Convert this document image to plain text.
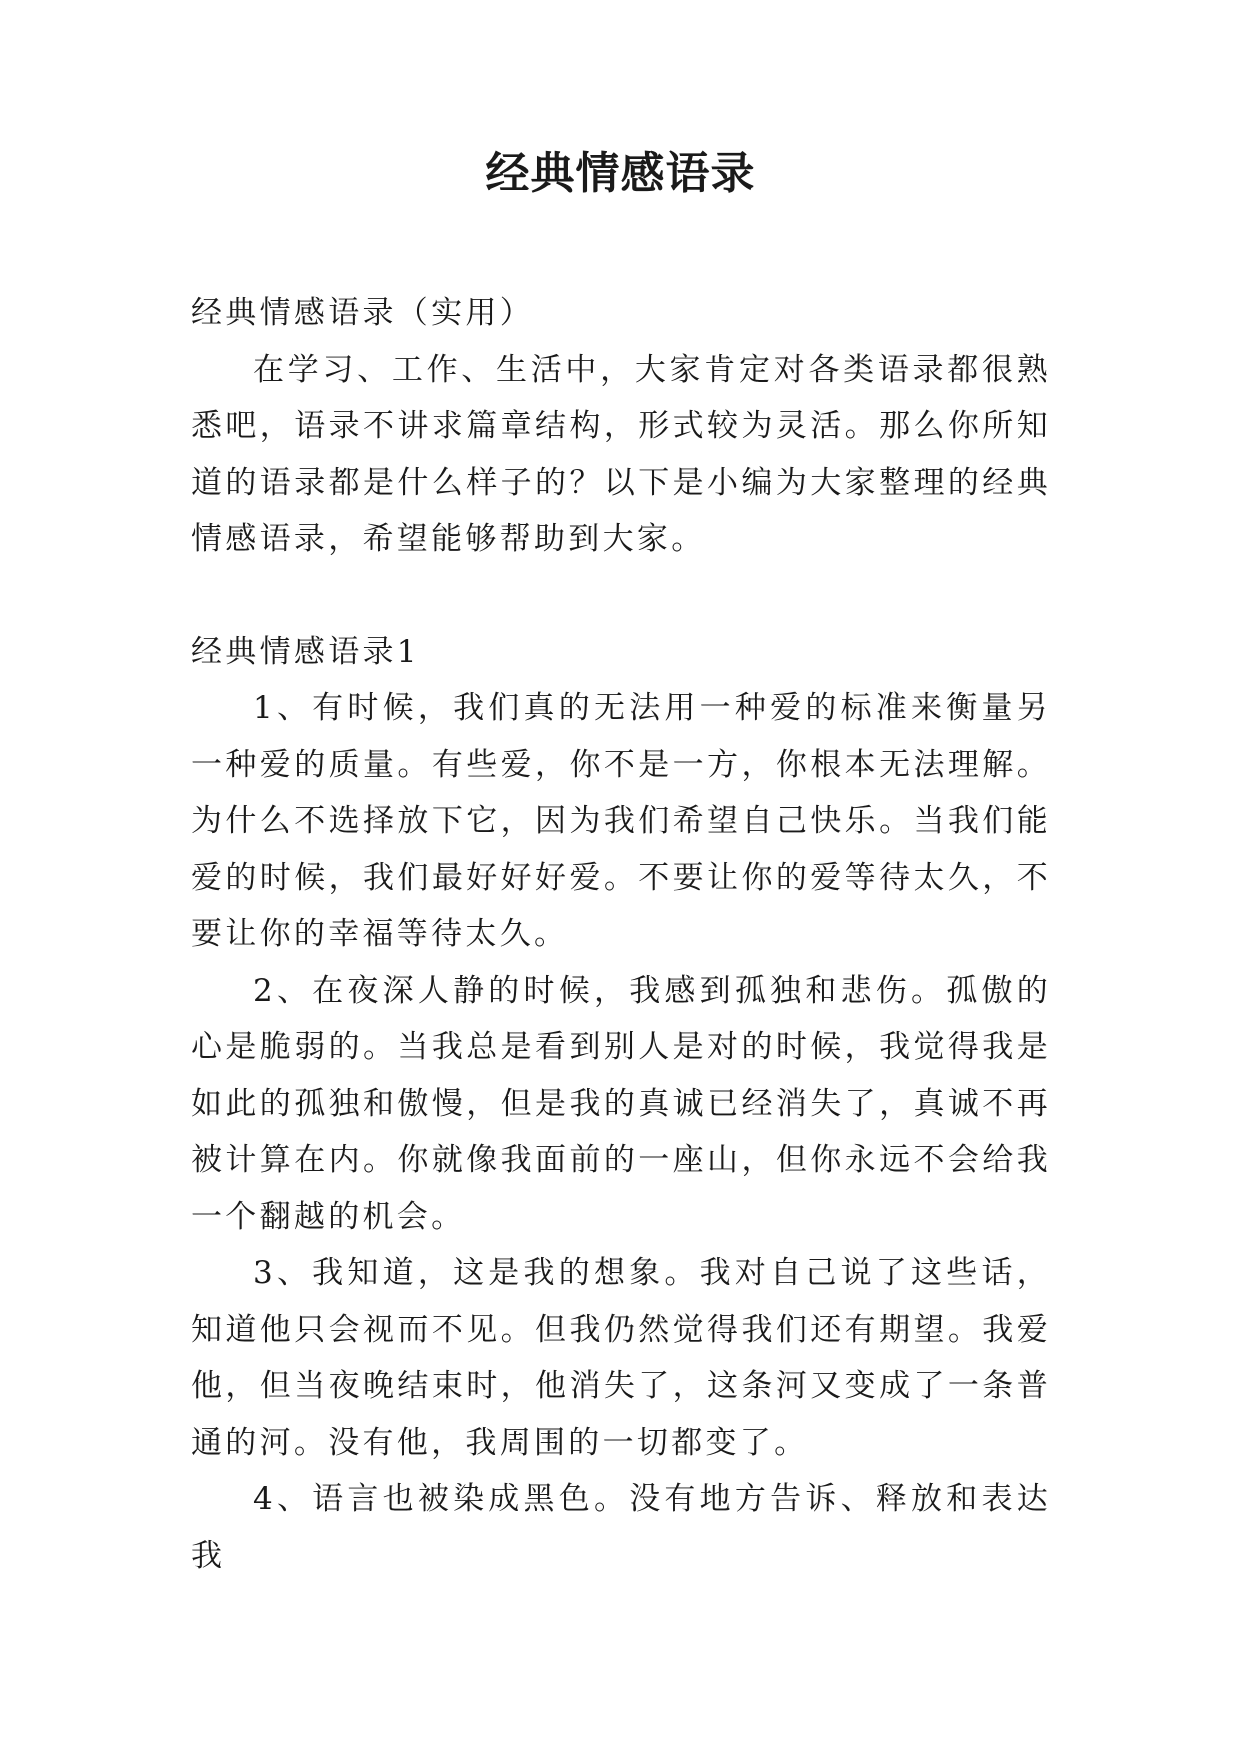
经典情感语录

经典情感语录（实用）

在学习、工作、生活中，大家肯定对各类语录都很熟悉吧，语录不讲求篇章结构，形式较为灵活。那么你所知道的语录都是什么样子的？以下是小编为大家整理的经典情感语录，希望能够帮助到大家。

经典情感语录1

1、有时候，我们真的无法用一种爱的标准来衡量另一种爱的质量。有些爱，你不是一方，你根本无法理解。为什么不选择放下它，因为我们希望自己快乐。当我们能爱的时候，我们最好好好爱。不要让你的爱等待太久，不要让你的幸福等待太久。

2、在夜深人静的时候，我感到孤独和悲伤。孤傲的心是脆弱的。当我总是看到别人是对的时候，我觉得我是如此的孤独和傲慢，但是我的真诚已经消失了，真诚不再被计算在内。你就像我面前的一座山，但你永远不会给我一个翻越的机会。

3、我知道，这是我的想象。我对自己说了这些话，知道他只会视而不见。但我仍然觉得我们还有期望。我爱他，但当夜晚结束时，他消失了，这条河又变成了一条普通的河。没有他，我周围的一切都变了。

4、语言也被染成黑色。没有地方告诉、释放和表达我
